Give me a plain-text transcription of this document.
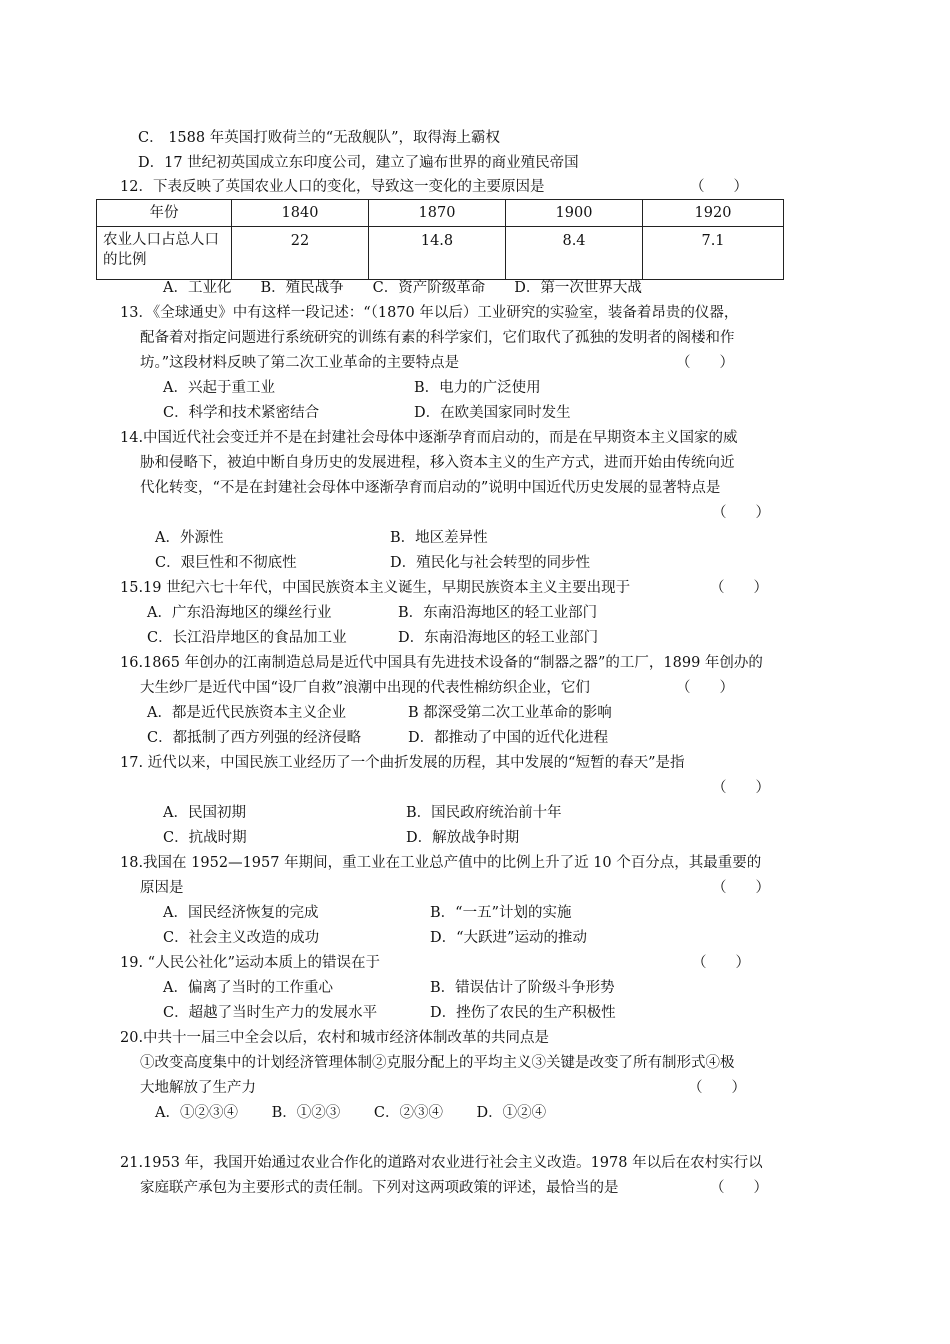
C． 1588 年英国打败荷兰的“无敌舰队”，取得海上霸权
D．17 世纪初英国成立东印度公司，建立了遍布世界的商业殖民帝国
12．下表反映了英国农业人口的变化，导致这一变化的主要原因是	（　　）
年份	1840	1870	1900	1920
农业人口占总人口的比例	22	14.8	8.4	7.1
A．工业化　　B．殖民战争　　C．资产阶级革命　　D．第一次世界大战
13．《全球通史》中有这样一段记述：“（1870 年以后）工业研究的实验室，装备着昂贵的仪器，
配备着对指定问题进行系统研究的训练有素的科学家们，它们取代了孤独的发明者的阁楼和作
坊。”这段材料反映了第二次工业革命的主要特点是	（　　）
A．兴起于重工业	B．电力的广泛使用
C．科学和技术紧密结合	D．在欧美国家同时发生
14.中国近代社会变迁并不是在封建社会母体中逐渐孕育而启动的，而是在早期资本主义国家的威
胁和侵略下，被迫中断自身历史的发展进程，移入资本主义的生产方式，进而开始由传统向近
代化转变，“不是在封建社会母体中逐渐孕育而启动的”说明中国近代历史发展的显著特点是
（　　）
A．外源性	B．地区差异性
C．艰巨性和不彻底性	D．殖民化与社会转型的同步性
15.19 世纪六七十年代，中国民族资本主义诞生，早期民族资本主义主要出现于	（　　）
A．广东沿海地区的缫丝行业	B．东南沿海地区的轻工业部门
C．长江沿岸地区的食品加工业	D．东南沿海地区的轻工业部门
16.1865 年创办的江南制造总局是近代中国具有先进技术设备的“制器之器”的工厂，1899 年创办的
大生纱厂是近代中国“设厂自救”浪潮中出现的代表性棉纺织企业，它们	（　　）
A．都是近代民族资本主义企业	B 都深受第二次工业革命的影响
C．都抵制了西方列强的经济侵略	D．都推动了中国的近代化进程
17. 近代以来，中国民族工业经历了一个曲折发展的历程，其中发展的“短暂的春天”是指
（　　）
A．民国初期	B．国民政府统治前十年
C．抗战时期	D．解放战争时期
18.我国在 1952—1957 年期间，重工业在工业总产值中的比例上升了近 10 个百分点，其最重要的
原因是	（　　）
A．国民经济恢复的完成	B．“一五”计划的实施
C．社会主义改造的成功	D．“大跃进”运动的推动
19. “人民公社化”运动本质上的错误在于	（　　）
A．偏离了当时的工作重心	B．错误估计了阶级斗争形势
C．超越了当时生产力的发展水平	D．挫伤了农民的生产积极性
20.中共十一届三中全会以后，农村和城市经济体制改革的共同点是
①改变高度集中的计划经济管理体制②克服分配上的平均主义③关键是改变了所有制形式④极
大地解放了生产力	（　　）
A．①②③④　　 B．①②③　　 C．②③④　　 D．①②④
21.1953 年，我国开始通过农业合作化的道路对农业进行社会主义改造。1978 年以后在农村实行以
家庭联产承包为主要形式的责任制。下列对这两项政策的评述，最恰当的是	（　　）
